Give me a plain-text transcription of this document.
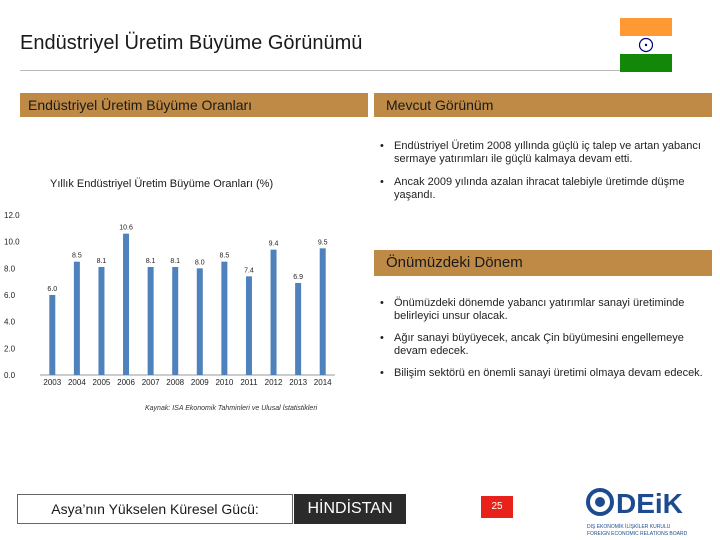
Endüstriyel Üretim Büyüme Görünümü
Endüstriyel Üretim Büyüme Oranları	Mevcut Görünüm
• Endüstriyel Üretim 2008 yıllında güçlü iç talep ve artan yabancı sermaye yatırımları ile güçlü kalmaya devam etti.
• Ancak 2009 yılında azalan ihracat talebiyle üretimde düşme yaşandı.
Önümüzdeki Dönem
• Önümüzdeki dönemde yabancı yatırımlar sanayi üretiminde belirleyici unsur olacak.
• Ağır sanayi büyüyecek, ancak Çin büyümesini engellemeye devam edecek.
• Bilişim sektörü en önemli sanayi üretimi olmaya devam edecek.
Yıllık Endüstriyel Üretim Büyüme Oranları (%)
0.0
2.0
4.0
6.0
8.0
10.0
12.0
6.0
2003
8.5
2004
8.1
2005
10.6
2006
8.1
2007
8.1
2008
8.0
2009
8.5
2010
7.4
2011
9.4
2012
6.9
2013
9.5
2014
Kaynak: ISA Ekonomik Tahminleri ve Ulusal İstatistikleri
Asya’nın Yükselen Küresel Gücü:	HİNDİSTAN	25	DEiK
DIŞ EKONOMİK İLİŞKİLER KURULU
FOREIGN ECONOMIC RELATIONS BOARD
